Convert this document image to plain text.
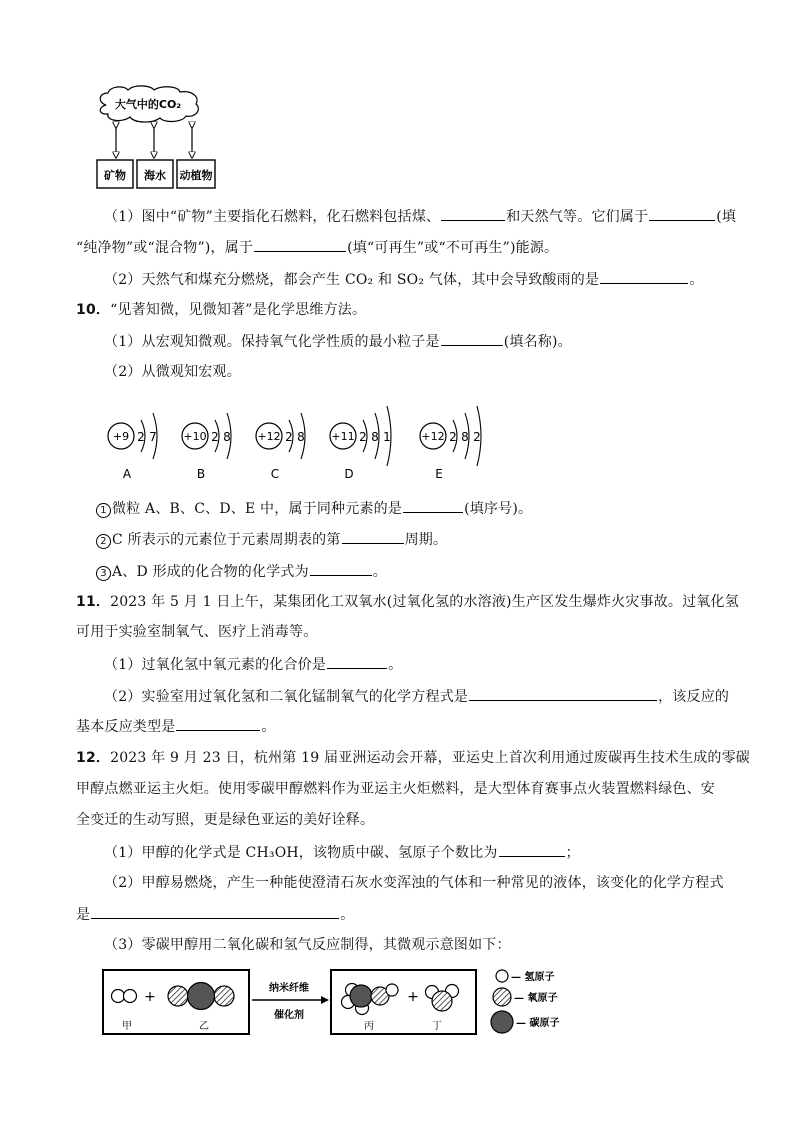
大气中的CO₂
矿物 海水 动植物
（1）图中“矿物”主要指化石燃料，化石燃料包括煤、	和天然气等。它们属于	(填
“纯净物”或“混合物”)，属于	(填“可再生”或“不可再生”)能源。
（2）天然气和煤充分燃烧，都会产生 CO₂ 和 SO₂ 气体，其中会导致酸雨的是	。
10．“见著知微，见微知著”是化学思维方法。
（1）从宏观知微观。保持氧气化学性质的最小粒子是	(填名称)。
（2）从微观知宏观。
+9 2 7
A
+10 2 8
B
+12 2 8
C
+11 2 8 1
D
+12 2 8 2
E
1 微粒 A、B、C、D、E 中，属于同种元素的是	(填序号)。
2 C 所表示的元素位于元素周期表的第	周期。
3 A、D 形成的化合物的化学式为	。
11．2023 年 5 月 1 日上午，某集团化工双氧水(过氧化氢的水溶液)生产区发生爆炸火灾事故。过氧化氢
可用于实验室制氧气、医疗上消毒等。
（1）过氧化氢中氧元素的化合价是	。
（2）实验室用过氧化氢和二氧化锰制氧气的化学方程式是	，该反应的
基本反应类型是	。
12．2023 年 9 月 23 日，杭州第 19 届亚洲运动会开幕，亚运史上首次利用通过废碳再生技术生成的零碳
甲醇点燃亚运主火炬。使用零碳甲醇燃料作为亚运主火炬燃料，是大型体育赛事点火装置燃料绿色、安
全变迁的生动写照，更是绿色亚运的美好诠释。
（1）甲醇的化学式是 CH₃OH，该物质中碳、氢原子个数比为	；
（2）甲醇易燃烧，产生一种能使澄清石灰水变浑浊的气体和一种常见的液体，该变化的化学方程式
是	。
（3）零碳甲醇用二氧化碳和氢气反应制得，其微观示意图如下：
+
甲	乙
纳米纤维
催化剂
+
丙	丁
— 氢原子
— 氧原子
— 碳原子
